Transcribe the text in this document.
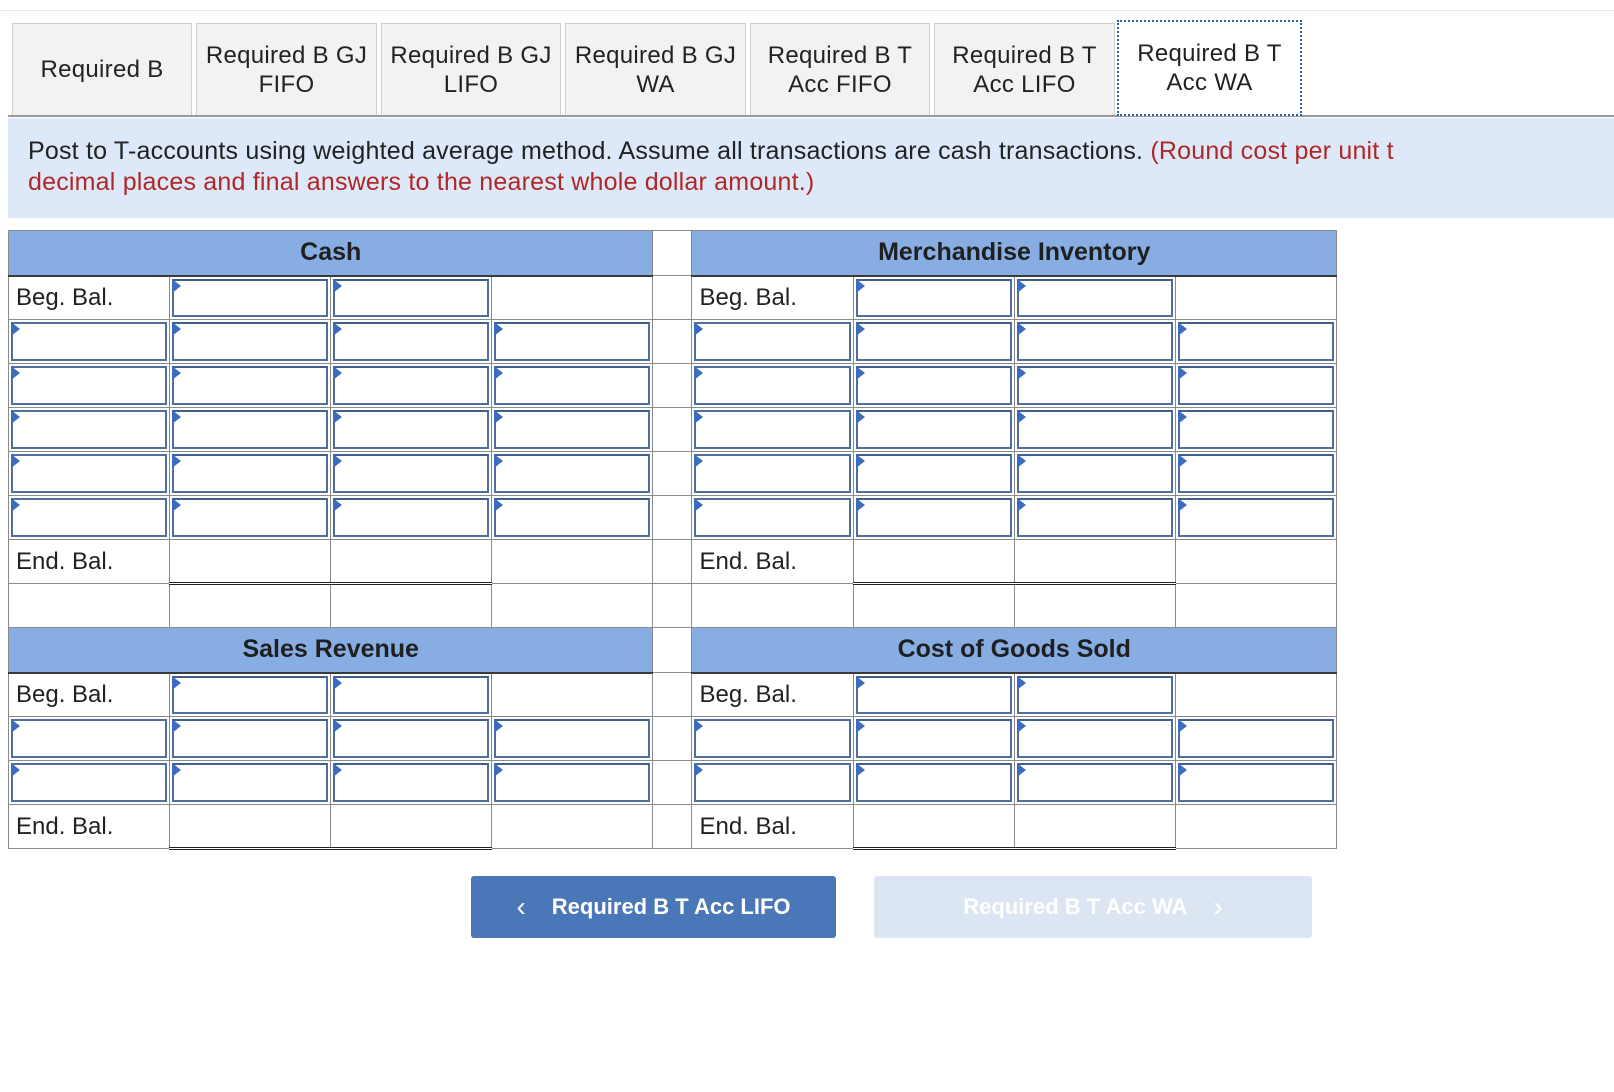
Required B
Required B GJ
FIFO
Required B GJ
LIFO
Required B GJ
WA
Required B T
Acc FIFO
Required B T
Acc LIFO
Required B T
Acc WA
Post to T-accounts using weighted average method. Assume all transactions are cash transactions. (Round cost per unit t
decimal places and final answers to the nearest whole dollar amount.)
Cash					Merchandise Inventory			
Beg. Bal.					Beg. Bal.	

End. Bal.					End. Bal.			

Sales Revenue					Cost of Goods Sold			
Beg. Bal.					Beg. Bal.	

End. Bal.					End. Bal.			
‹ Required B T Acc LIFO	Required B T Acc WA ›
